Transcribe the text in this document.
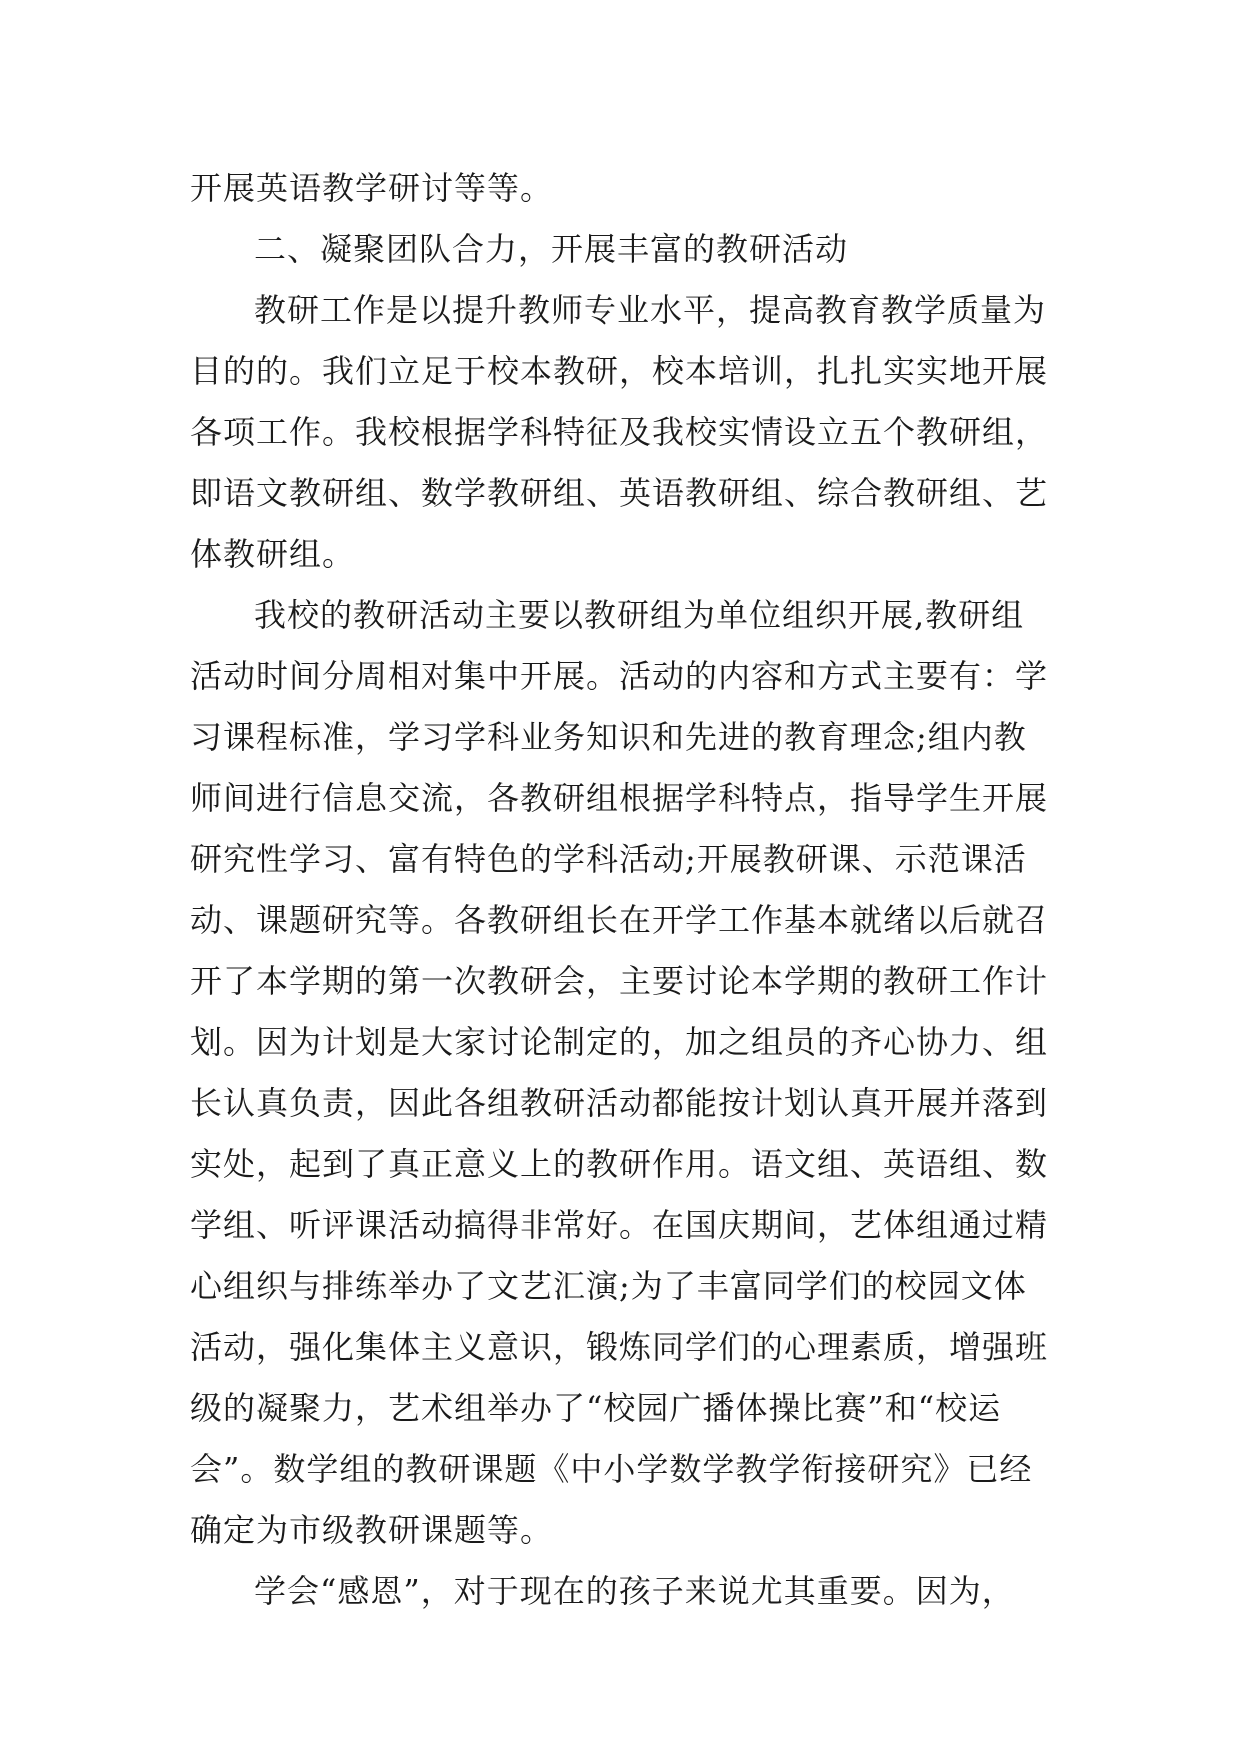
开展英语教学研讨等等。
二、凝聚团队合力，开展丰富的教研活动
教研工作是以提升教师专业水平，提高教育教学质量为
目的的。我们立足于校本教研，校本培训，扎扎实实地开展
各项工作。我校根据学科特征及我校实情设立五个教研组，
即语文教研组、数学教研组、英语教研组、综合教研组、艺
体教研组。
我校的教研活动主要以教研组为单位组织开展,教研组
活动时间分周相对集中开展。活动的内容和方式主要有：学
习课程标准，学习学科业务知识和先进的教育理念;组内教
师间进行信息交流，各教研组根据学科特点，指导学生开展
研究性学习、富有特色的学科活动;开展教研课、示范课活
动、课题研究等。各教研组长在开学工作基本就绪以后就召
开了本学期的第一次教研会，主要讨论本学期的教研工作计
划。因为计划是大家讨论制定的，加之组员的齐心协力、组
长认真负责，因此各组教研活动都能按计划认真开展并落到
实处，起到了真正意义上的教研作用。语文组、英语组、数
学组、听评课活动搞得非常好。在国庆期间，艺体组通过精
心组织与排练举办了文艺汇演;为了丰富同学们的校园文体
活动，强化集体主义意识，锻炼同学们的心理素质，增强班
级的凝聚力，艺术组举办了“校园广播体操比赛”和“校运
会”。数学组的教研课题《中小学数学教学衔接研究》已经
确定为市级教研课题等。
学会“感恩”，对于现在的孩子来说尤其重要。因为，
